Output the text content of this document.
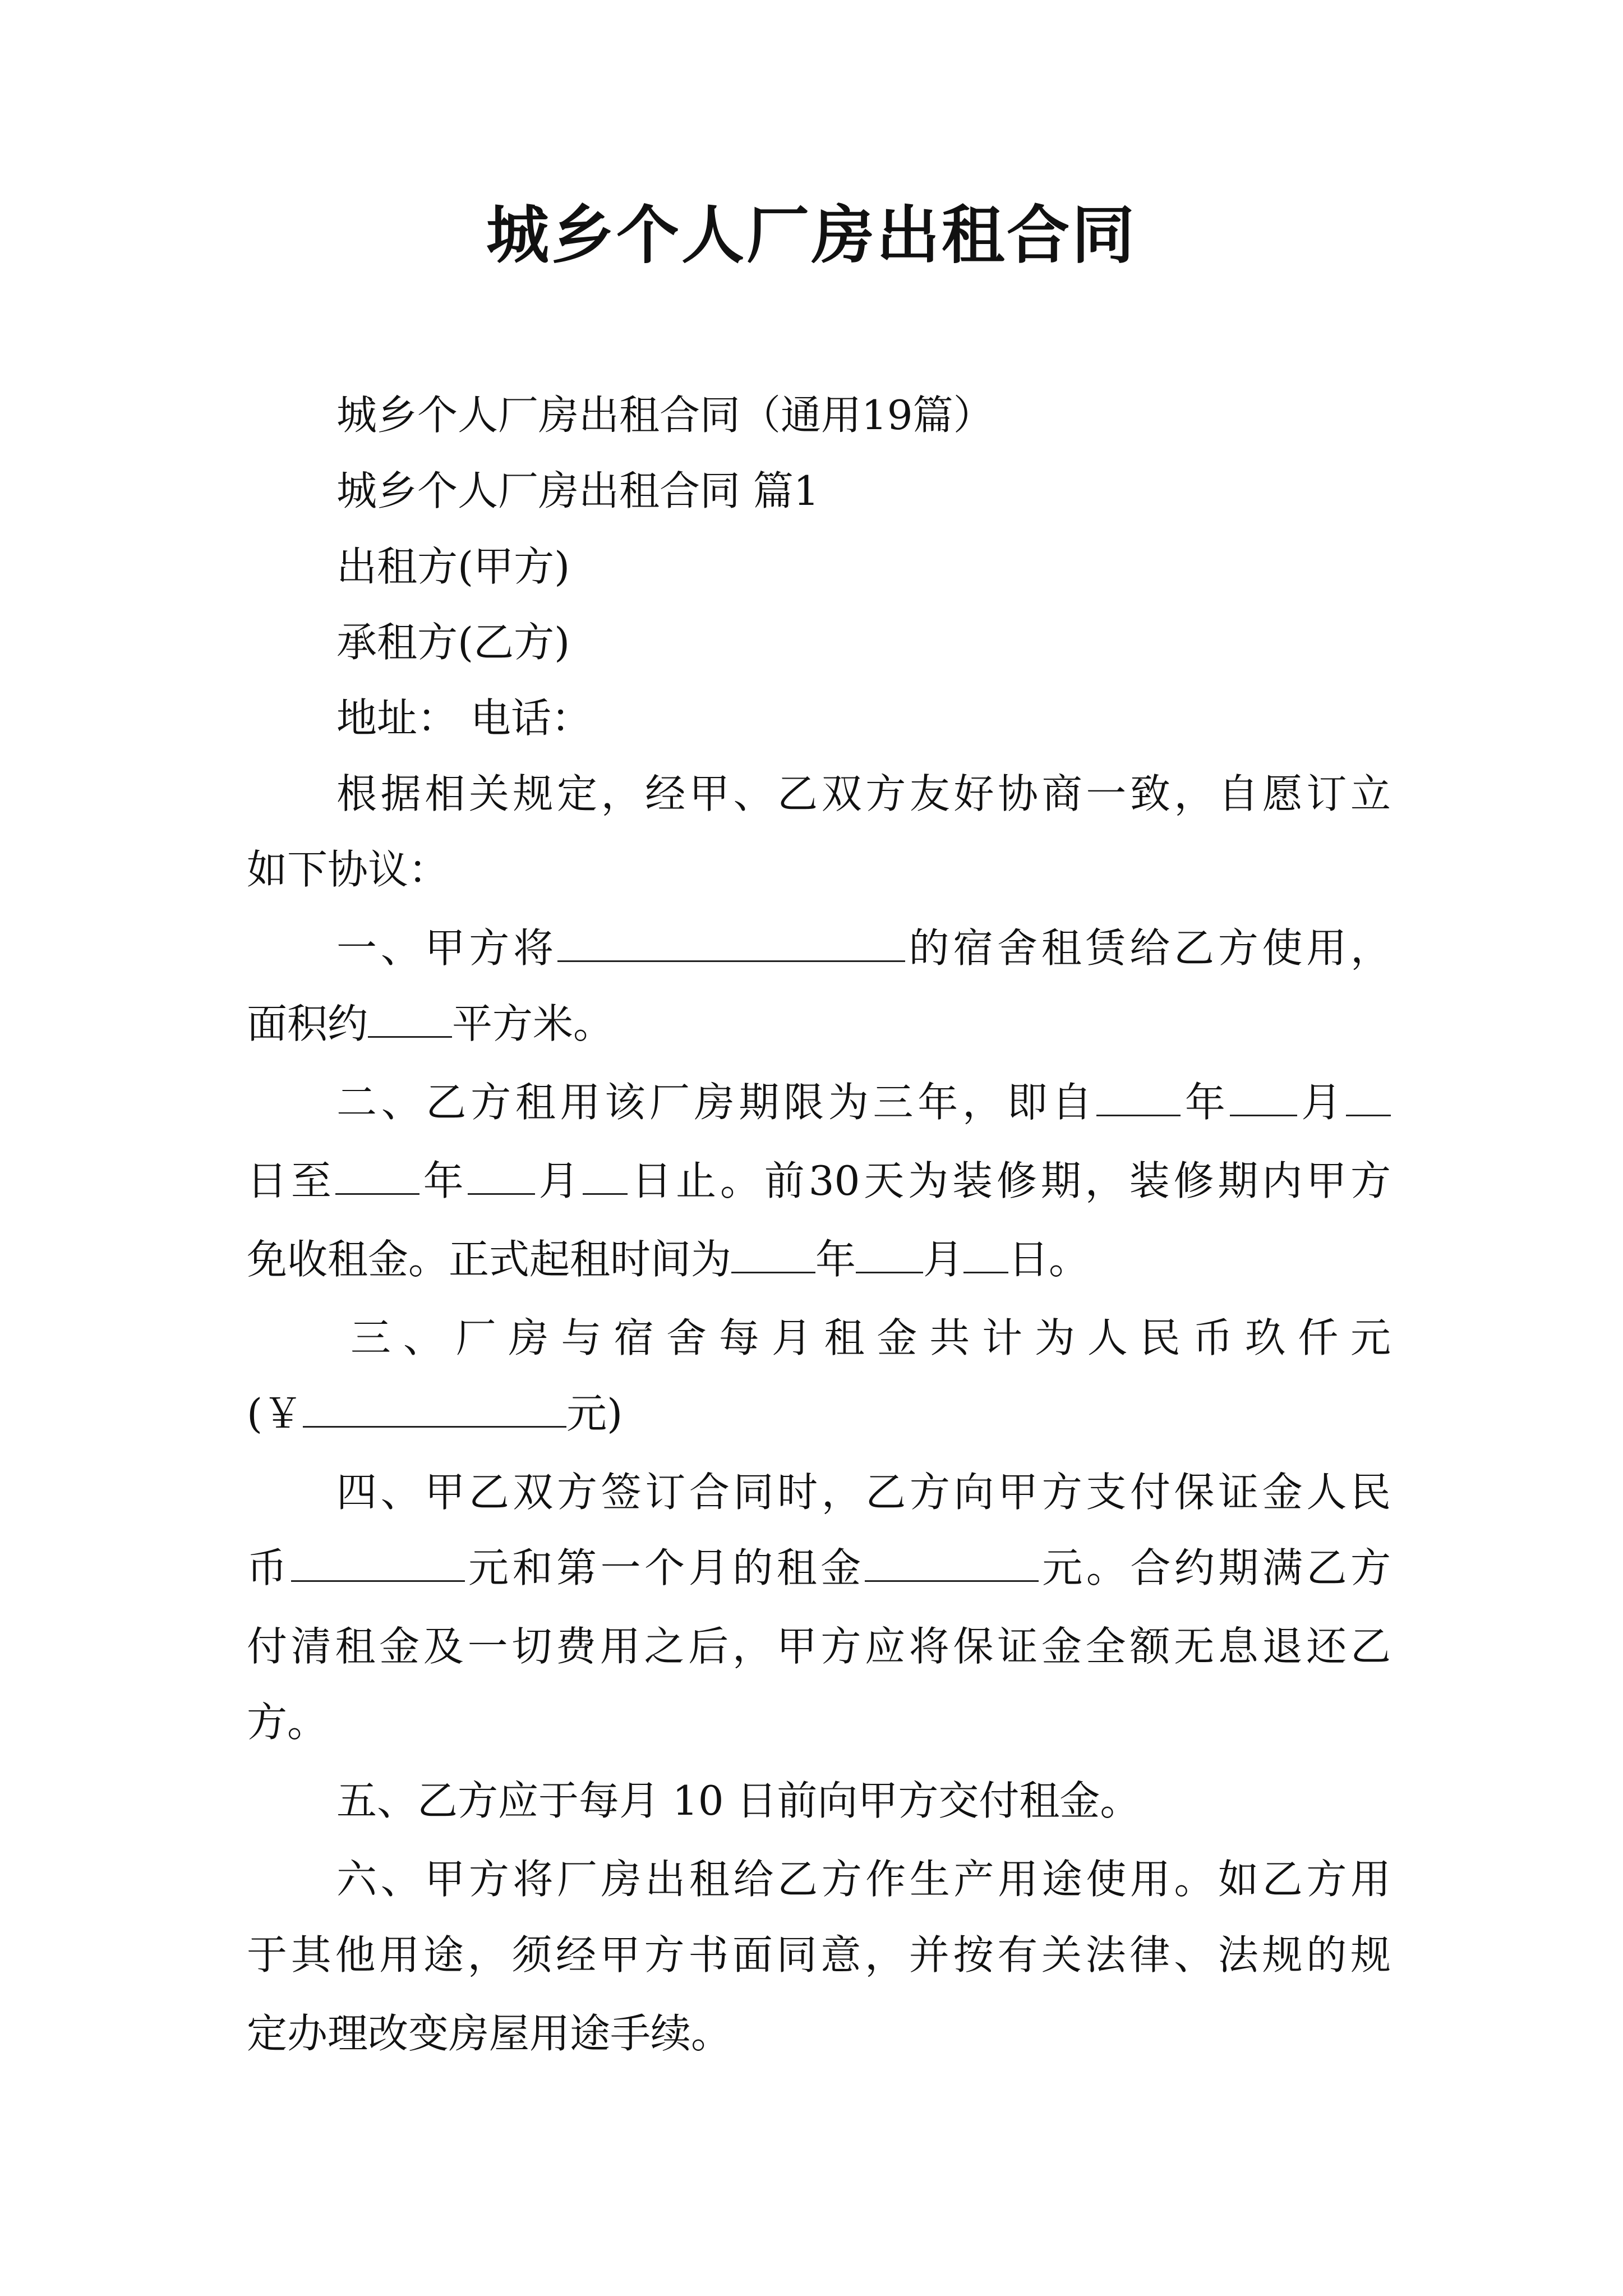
城乡个人厂房出租合同
城乡个人厂房出租合同（通用19篇）
城乡个人厂房出租合同 篇1
出租方(甲方)
承租方(乙方)
地址： 电话：
根据相关规定，经甲、乙双方友好协商一致，自愿订立
如下协议：
一、甲方将	的宿舍租赁给乙方使用，
面积约 平方米。
二、乙方租用该厂房期限为三年，即自 年 月
日至 年 月 日止。前30天为装修期，装修期内甲方
免收租金。正式起租时间为 年 月 日。
三、厂房与宿舍每月租金共计为人民币玖仟元
(￥	元)
四、甲乙双方签订合同时，乙方向甲方支付保证金人民
币	元和第一个月的租金	元。合约期满乙方
付清租金及一切费用之后，甲方应将保证金全额无息退还乙
方。
五、乙方应于每月 10 日前向甲方交付租金。
六、甲方将厂房出租给乙方作生产用途使用。如乙方用
于其他用途，须经甲方书面同意，并按有关法律、法规的规
定办理改变房屋用途手续。
